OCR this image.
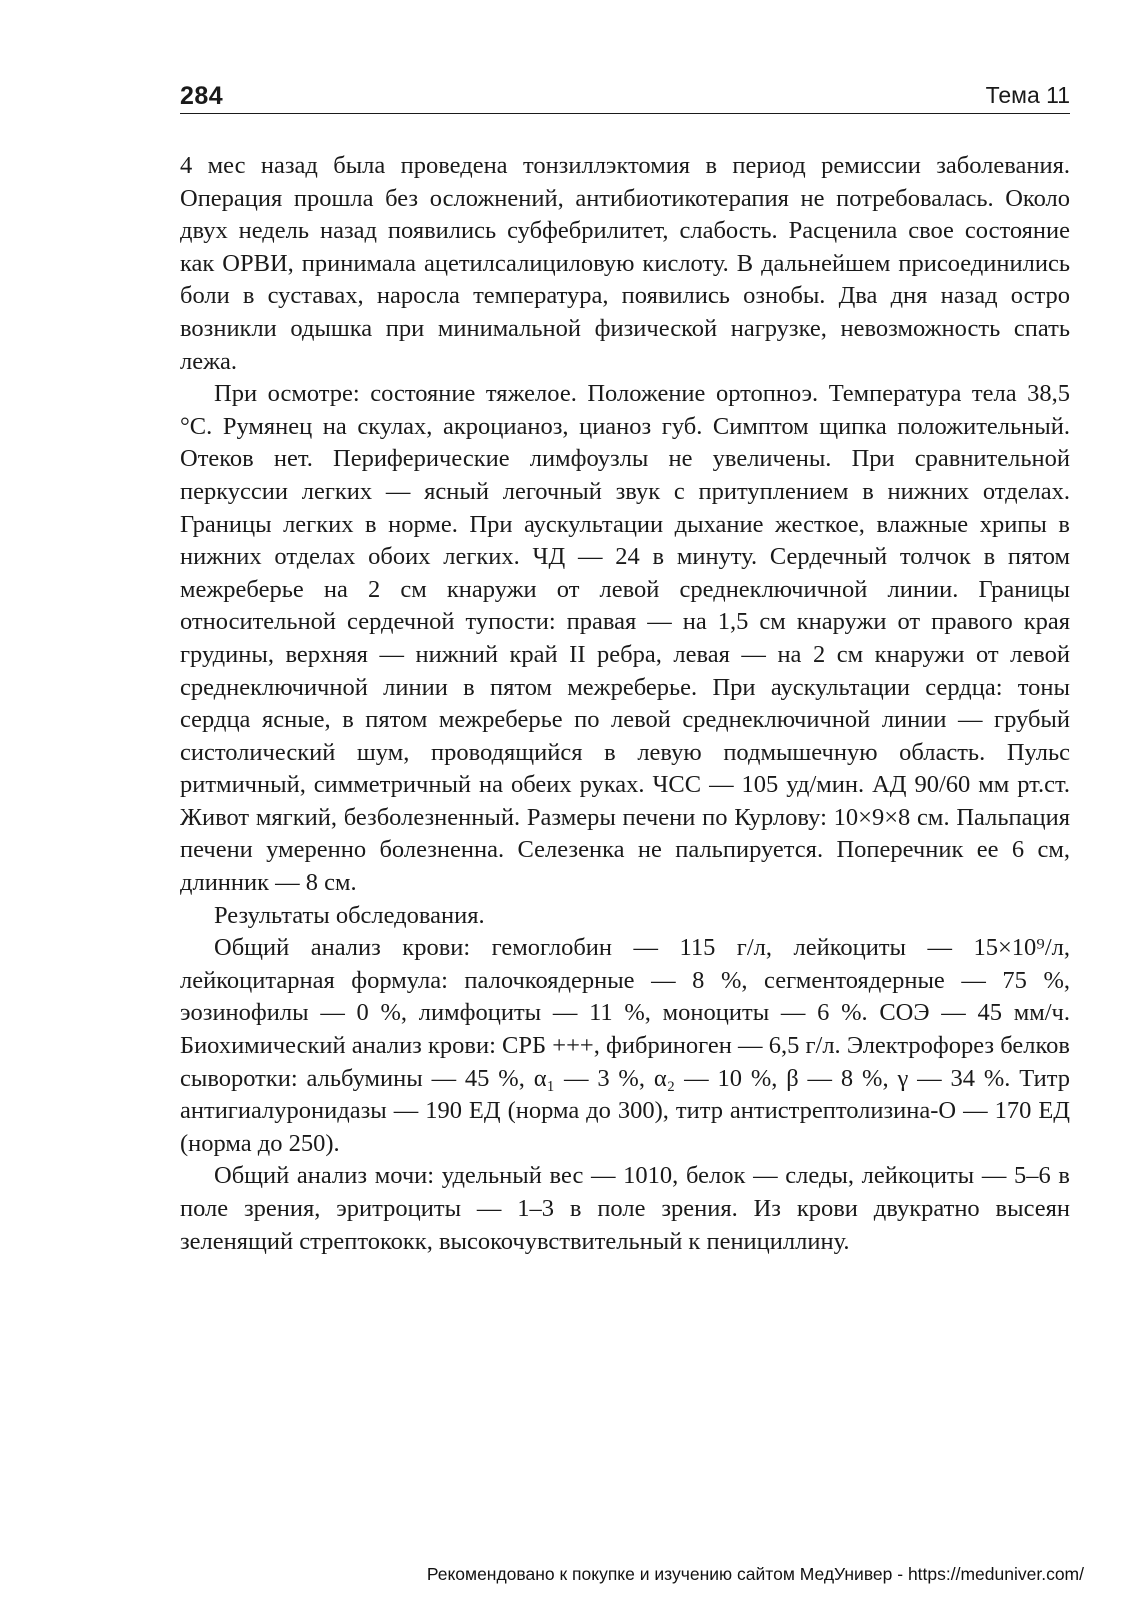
284	Тема 11

4 мес назад была проведена тонзиллэктомия в период ремиссии заболевания. Операция прошла без осложнений, антибиотикотерапия не потребовалась. Около двух недель назад появились субфебрилитет, слабость. Расценила свое состояние как ОРВИ, принимала ацетилсалициловую кислоту. В дальнейшем присоединились боли в суставах, наросла температура, появились ознобы. Два дня назад остро возникли одышка при минимальной физической нагрузке, невозможность спать лежа.

При осмотре: состояние тяжелое. Положение ортопноэ. Температура тела 38,5 °С. Румянец на скулах, акроцианоз, цианоз губ. Симптом щипка положительный. Отеков нет. Периферические лимфоузлы не увеличены. При сравнительной перкуссии легких — ясный легочный звук с притуплением в нижних отделах. Границы легких в норме. При аускультации дыхание жесткое, влажные хрипы в нижних отделах обоих легких. ЧД — 24 в минуту. Сердечный толчок в пятом межреберье на 2 см кнаружи от левой среднеключичной линии. Границы относительной сердечной тупости: правая — на 1,5 см кнаружи от правого края грудины, верхняя — нижний край II ребра, левая — на 2 см кнаружи от левой среднеключичной линии в пятом межреберье. При аускультации сердца: тоны сердца ясные, в пятом межреберье по левой среднеключичной линии — грубый систолический шум, проводящийся в левую подмышечную область. Пульс ритмичный, симметричный на обеих руках. ЧСС — 105 уд/мин. АД 90/60 мм рт.ст. Живот мягкий, безболезненный. Размеры печени по Курлову: 10×9×8 см. Пальпация печени умеренно болезненна. Селезенка не пальпируется. Поперечник ее 6 см, длинник — 8 см.

Результаты обследования.

Общий анализ крови: гемоглобин — 115 г/л, лейкоциты — 15×10⁹/л, лейкоцитарная формула: палочкоядерные — 8 %, сегментоядерные — 75 %, эозинофилы — 0 %, лимфоциты — 11 %, моноциты — 6 %. СОЭ — 45 мм/ч. Биохимический анализ крови: СРБ +++, фибриноген — 6,5 г/л. Электрофорез белков сыворотки: альбумины — 45 %, α₁ — 3 %, α₂ — 10 %, β — 8 %, γ — 34 %. Титр антигиалуронидазы — 190 ЕД (норма до 300), титр антистрептолизина-О — 170 ЕД (норма до 250).

Общий анализ мочи: удельный вес — 1010, белок — следы, лейкоциты — 5–6 в поле зрения, эритроциты — 1–3 в поле зрения. Из крови двукратно высеян зеленящий стрептококк, высокочувствительный к пенициллину.

Рекомендовано к покупке и изучению сайтом МедУнивер - https://meduniver.com/
